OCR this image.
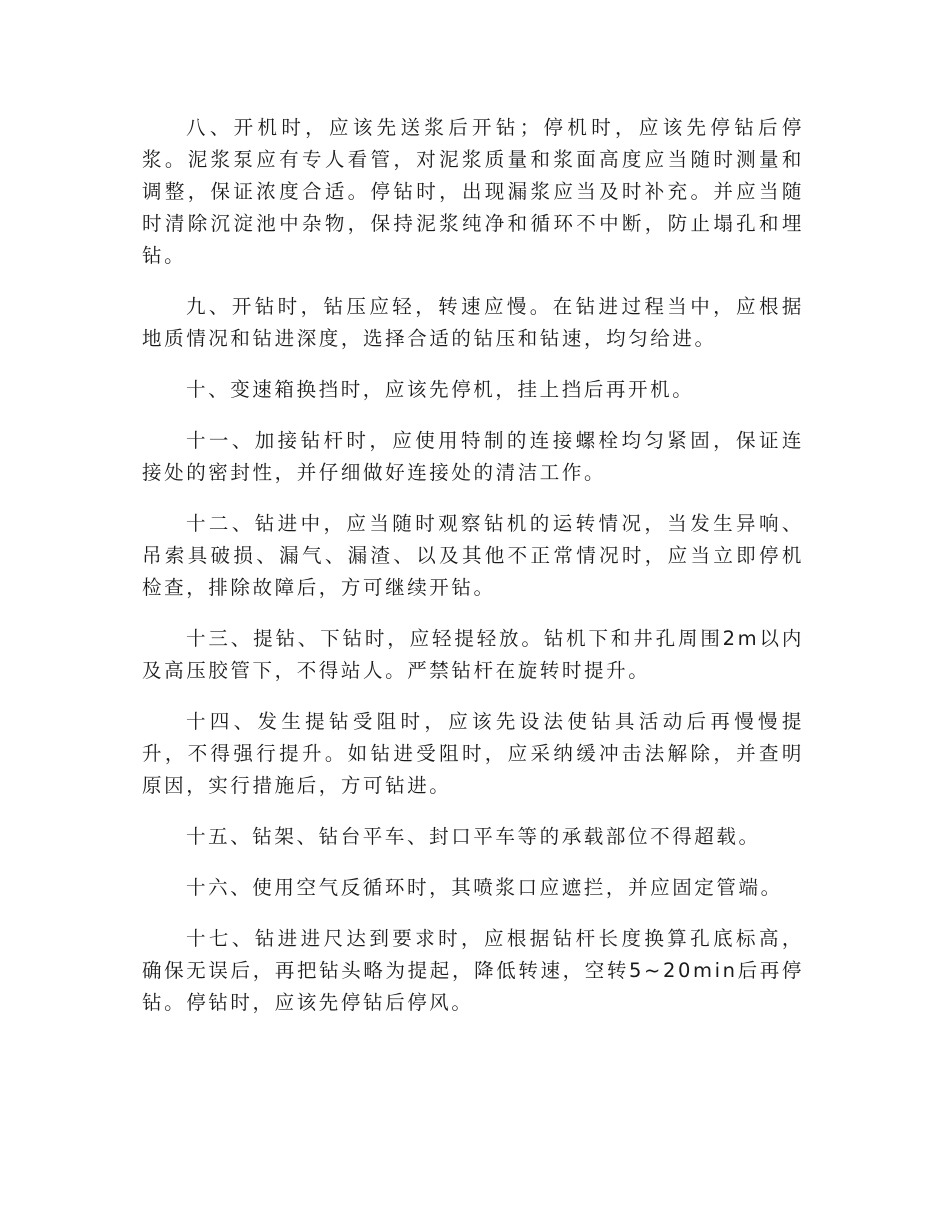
八、开机时，应该先送浆后开钻；停机时，应该先停钻后停浆。泥浆泵应有专人看管，对泥浆质量和浆面高度应当随时测量和调整，保证浓度合适。停钻时，出现漏浆应当及时补充。并应当随时清除沉淀池中杂物，保持泥浆纯净和循环不中断，防止塌孔和埋钻。

九、开钻时，钻压应轻，转速应慢。在钻进过程当中，应根据地质情况和钻进深度，选择合适的钻压和钻速，均匀给进。

十、变速箱换挡时，应该先停机，挂上挡后再开机。

十一、加接钻杆时，应使用特制的连接螺栓均匀紧固，保证连接处的密封性，并仔细做好连接处的清洁工作。

十二、钻进中，应当随时观察钻机的运转情况，当发生异响、吊索具破损、漏气、漏渣、以及其他不正常情况时，应当立即停机检查，排除故障后，方可继续开钻。

十三、提钻、下钻时，应轻提轻放。钻机下和井孔周围2m以内及高压胶管下，不得站人。严禁钻杆在旋转时提升。

十四、发生提钻受阻时，应该先设法使钻具活动后再慢慢提升，不得强行提升。如钻进受阻时，应采纳缓冲击法解除，并查明原因，实行措施后，方可钻进。

十五、钻架、钻台平车、封口平车等的承载部位不得超载。

十六、使用空气反循环时，其喷浆口应遮拦，并应固定管端。

十七、钻进进尺达到要求时，应根据钻杆长度换算孔底标高，确保无误后，再把钻头略为提起，降低转速，空转5~20min后再停钻。停钻时，应该先停钻后停风。
